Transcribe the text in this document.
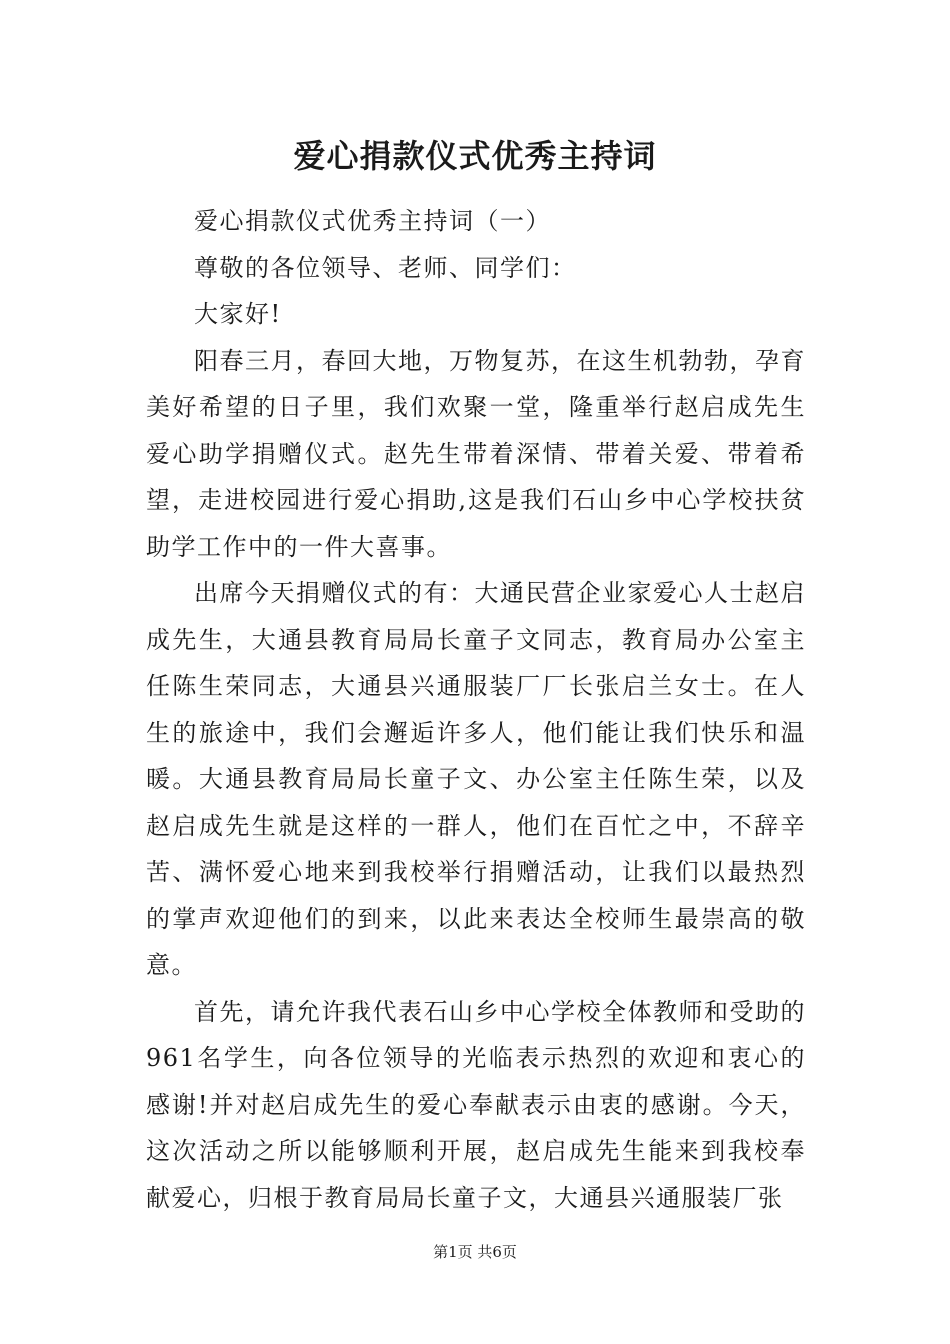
爱心捐款仪式优秀主持词

爱心捐款仪式优秀主持词（一）

尊敬的各位领导、老师、同学们：

大家好!

阳春三月，春回大地，万物复苏，在这生机勃勃，孕育美好希望的日子里，我们欢聚一堂，隆重举行赵启成先生爱心助学捐赠仪式。赵先生带着深情、带着关爱、带着希望，走进校园进行爱心捐助,这是我们石山乡中心学校扶贫助学工作中的一件大喜事。

出席今天捐赠仪式的有：大通民营企业家爱心人士赵启成先生，大通县教育局局长童子文同志，教育局办公室主任陈生荣同志，大通县兴通服装厂厂长张启兰女士。在人生的旅途中，我们会邂逅许多人，他们能让我们快乐和温暖。大通县教育局局长童子文、办公室主任陈生荣，以及赵启成先生就是这样的一群人，他们在百忙之中，不辞辛苦、满怀爱心地来到我校举行捐赠活动，让我们以最热烈的掌声欢迎他们的到来，以此来表达全校师生最崇高的敬意。

首先，请允许我代表石山乡中心学校全体教师和受助的961名学生，向各位领导的光临表示热烈的欢迎和衷心的感谢!并对赵启成先生的爱心奉献表示由衷的感谢。今天，这次活动之所以能够顺利开展，赵启成先生能来到我校奉献爱心，归根于教育局局长童子文，大通县兴通服装厂张

第1页 共6页
